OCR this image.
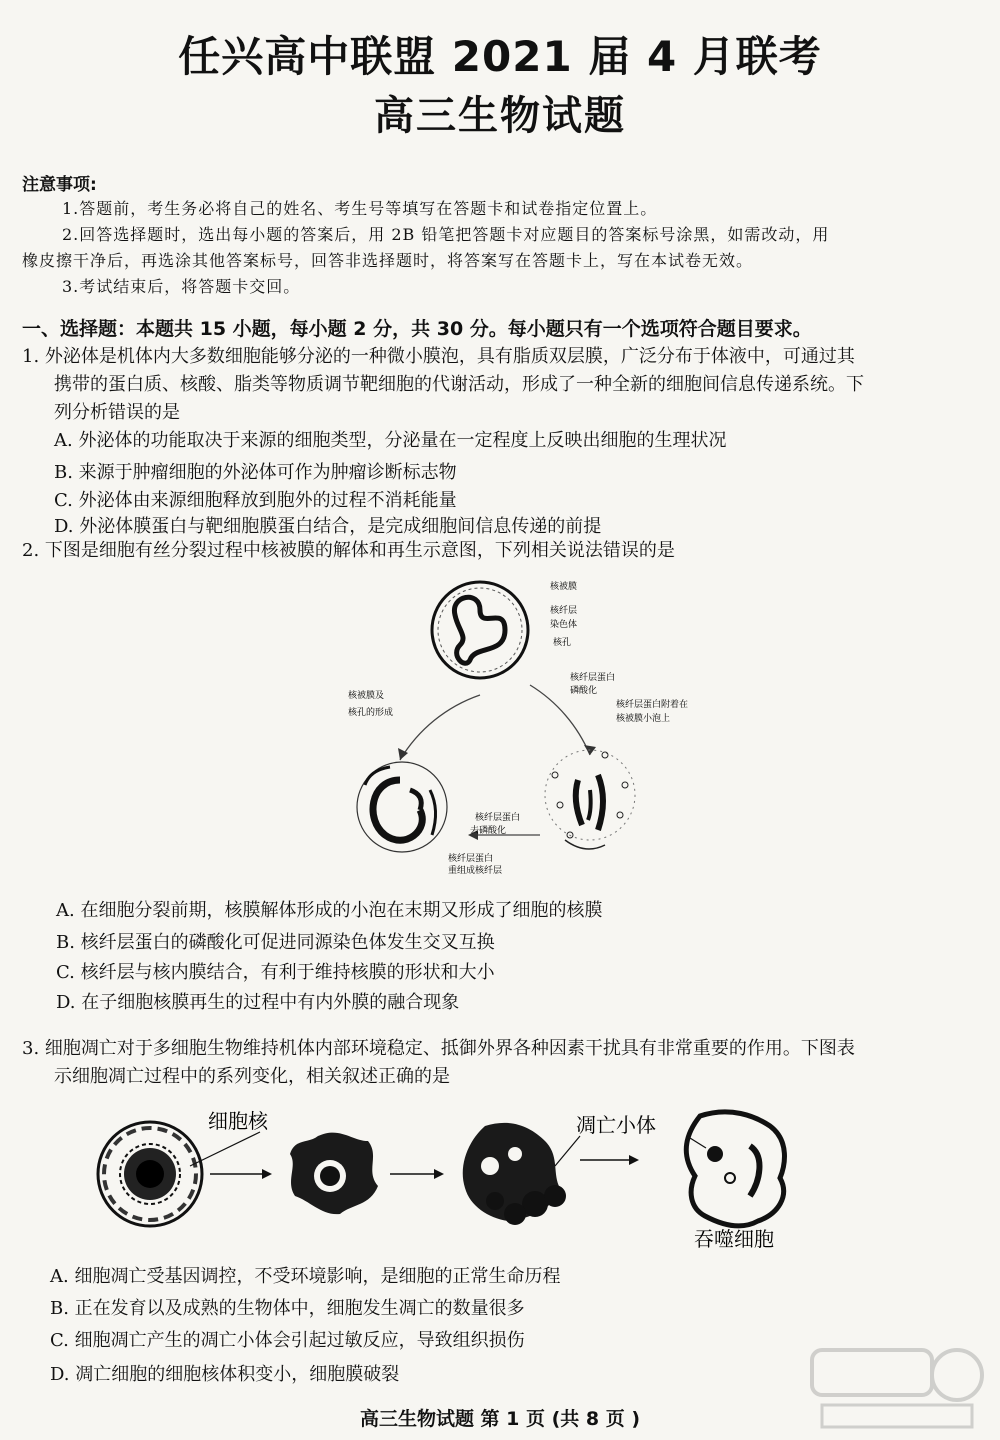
任兴高中联盟 2021 届 4 月联考
高三生物试题
注意事项:
1.答题前，考生务必将自己的姓名、考生号等填写在答题卡和试卷指定位置上。
2.回答选择题时，选出每小题的答案后，用 2B 铅笔把答题卡对应题目的答案标号涂黑，如需改动，用
橡皮擦干净后，再选涂其他答案标号，回答非选择题时，将答案写在答题卡上，写在本试卷无效。
3.考试结束后，将答题卡交回。
一、选择题：本题共 15 小题，每小题 2 分，共 30 分。每小题只有一个选项符合题目要求。
1. 外泌体是机体内大多数细胞能够分泌的一种微小膜泡，具有脂质双层膜，广泛分布于体液中，可通过其
携带的蛋白质、核酸、脂类等物质调节靶细胞的代谢活动，形成了一种全新的细胞间信息传递系统。下
列分析错误的是
A. 外泌体的功能取决于来源的细胞类型，分泌量在一定程度上反映出细胞的生理状况
B. 来源于肿瘤细胞的外泌体可作为肿瘤诊断标志物
C. 外泌体由来源细胞释放到胞外的过程不消耗能量
D. 外泌体膜蛋白与靶细胞膜蛋白结合，是完成细胞间信息传递的前提
2. 下图是细胞有丝分裂过程中核被膜的解体和再生示意图，下列相关说法错误的是
核被膜
核纤层
染色体
核孔
核纤层蛋白
磷酸化
核纤层蛋白附着在
核被膜小泡上
核被膜及
核孔的形成
核纤层蛋白
去磷酸化
核纤层蛋白
重组成核纤层
A. 在细胞分裂前期，核膜解体形成的小泡在末期又形成了细胞的核膜
B. 核纤层蛋白的磷酸化可促进同源染色体发生交叉互换
C. 核纤层与核内膜结合，有利于维持核膜的形状和大小
D. 在子细胞核膜再生的过程中有内外膜的融合现象
3. 细胞凋亡对于多细胞生物维持机体内部环境稳定、抵御外界各种因素干扰具有非常重要的作用。下图表
示细胞凋亡过程中的系列变化，相关叙述正确的是
细胞核	凋亡小体
吞噬细胞
A. 细胞凋亡受基因调控，不受环境影响，是细胞的正常生命历程
B. 正在发育以及成熟的生物体中，细胞发生凋亡的数量很多
C. 细胞凋亡产生的凋亡小体会引起过敏反应，导致组织损伤
D. 凋亡细胞的细胞核体积变小，细胞膜破裂
高三生物试题 第 1 页 (共 8 页 )
